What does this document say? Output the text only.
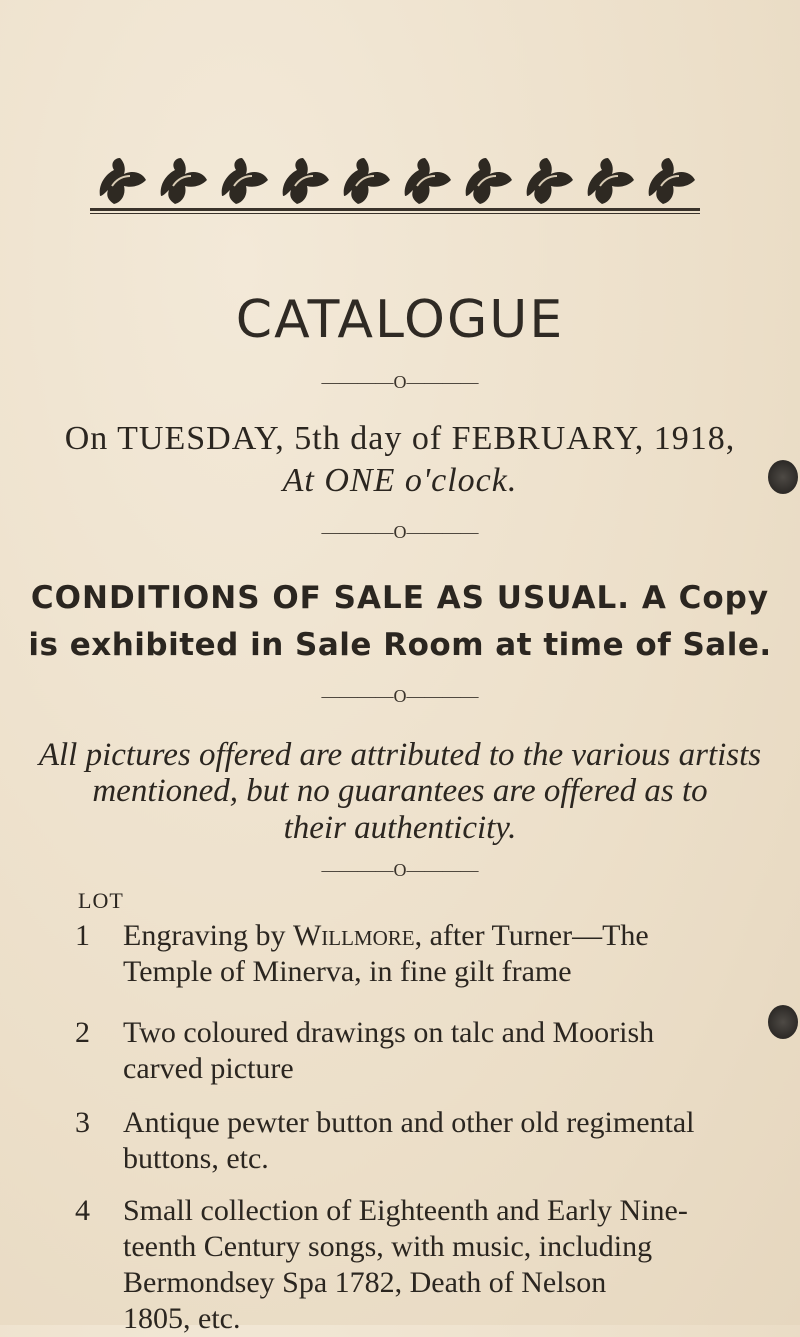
CATALOGUE
————O————
On TUESDAY, 5th day of FEBRUARY, 1918,
At ONE o'clock.
————O————
CONDITIONS OF SALE AS USUAL. A Copy
is exhibited in Sale Room at time of Sale.
————O————
All pictures offered are attributed to the various artists
mentioned, but no guarantees are offered as to
their authenticity.
————O————
LOT
1	Engraving by Willmore, after Turner—The
Temple of Minerva, in fine gilt frame
2	Two coloured drawings on talc and Moorish
carved picture
3	Antique pewter button and other old regimental
buttons, etc.
4	Small collection of Eighteenth and Early Nine-
teenth Century songs, with music, including
Bermondsey Spa 1782, Death of Nelson
1805, etc.
